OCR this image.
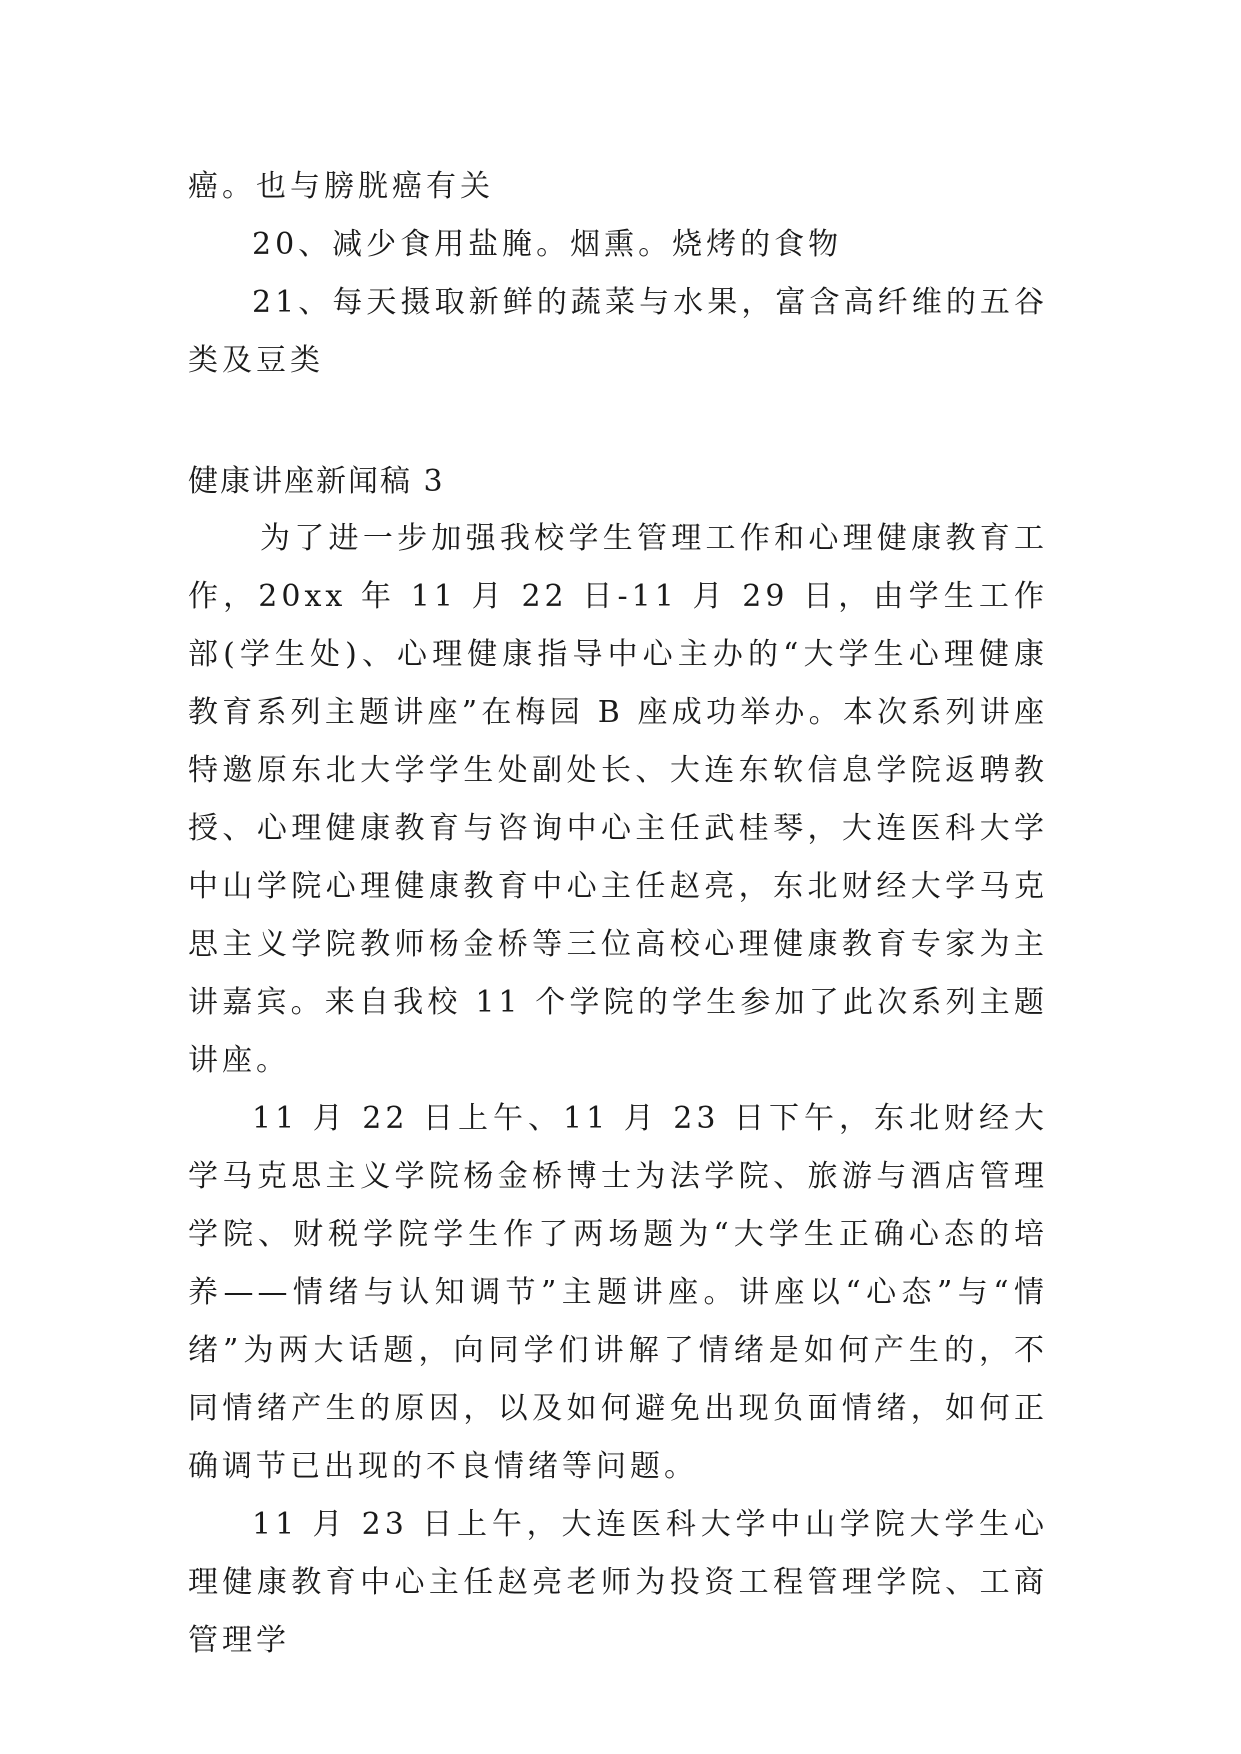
癌。也与膀胱癌有关

20、减少食用盐腌。烟熏。烧烤的食物

21、每天摄取新鲜的蔬菜与水果，富含高纤维的五谷类及豆类

健康讲座新闻稿 3

为了进一步加强我校学生管理工作和心理健康教育工作，20xx 年 11 月 22 日-11 月 29 日，由学生工作部(学生处)、心理健康指导中心主办的“大学生心理健康教育系列主题讲座”在梅园 B 座成功举办。本次系列讲座特邀原东北大学学生处副处长、大连东软信息学院返聘教授、心理健康教育与咨询中心主任武桂琴，大连医科大学中山学院心理健康教育中心主任赵亮，东北财经大学马克思主义学院教师杨金桥等三位高校心理健康教育专家为主讲嘉宾。来自我校 11 个学院的学生参加了此次系列主题讲座。

11 月 22 日上午、11 月 23 日下午，东北财经大学马克思主义学院杨金桥博士为法学院、旅游与酒店管理学院、财税学院学生作了两场题为“大学生正确心态的培养——情绪与认知调节”主题讲座。讲座以“心态”与“情绪”为两大话题，向同学们讲解了情绪是如何产生的，不同情绪产生的原因，以及如何避免出现负面情绪，如何正确调节已出现的不良情绪等问题。

11 月 23 日上午，大连医科大学中山学院大学生心理健康教育中心主任赵亮老师为投资工程管理学院、工商管理学
